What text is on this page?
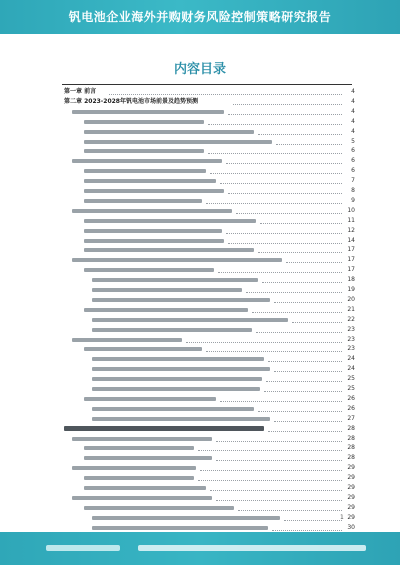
钒电池企业海外并购财务风险控制策略研究报告
内容目录
第一章 前言	4
第二章 2023-2028年钒电池市场前景及趋势预测	4
4
4
4
5
6
6
6
7
8
9
10
11
12
14
17
17
17
18
19
20
21
22
23
23
23
24
24
25
25
26
26
27
28
28
28
28
29
29
29
29
29
29
30
1
